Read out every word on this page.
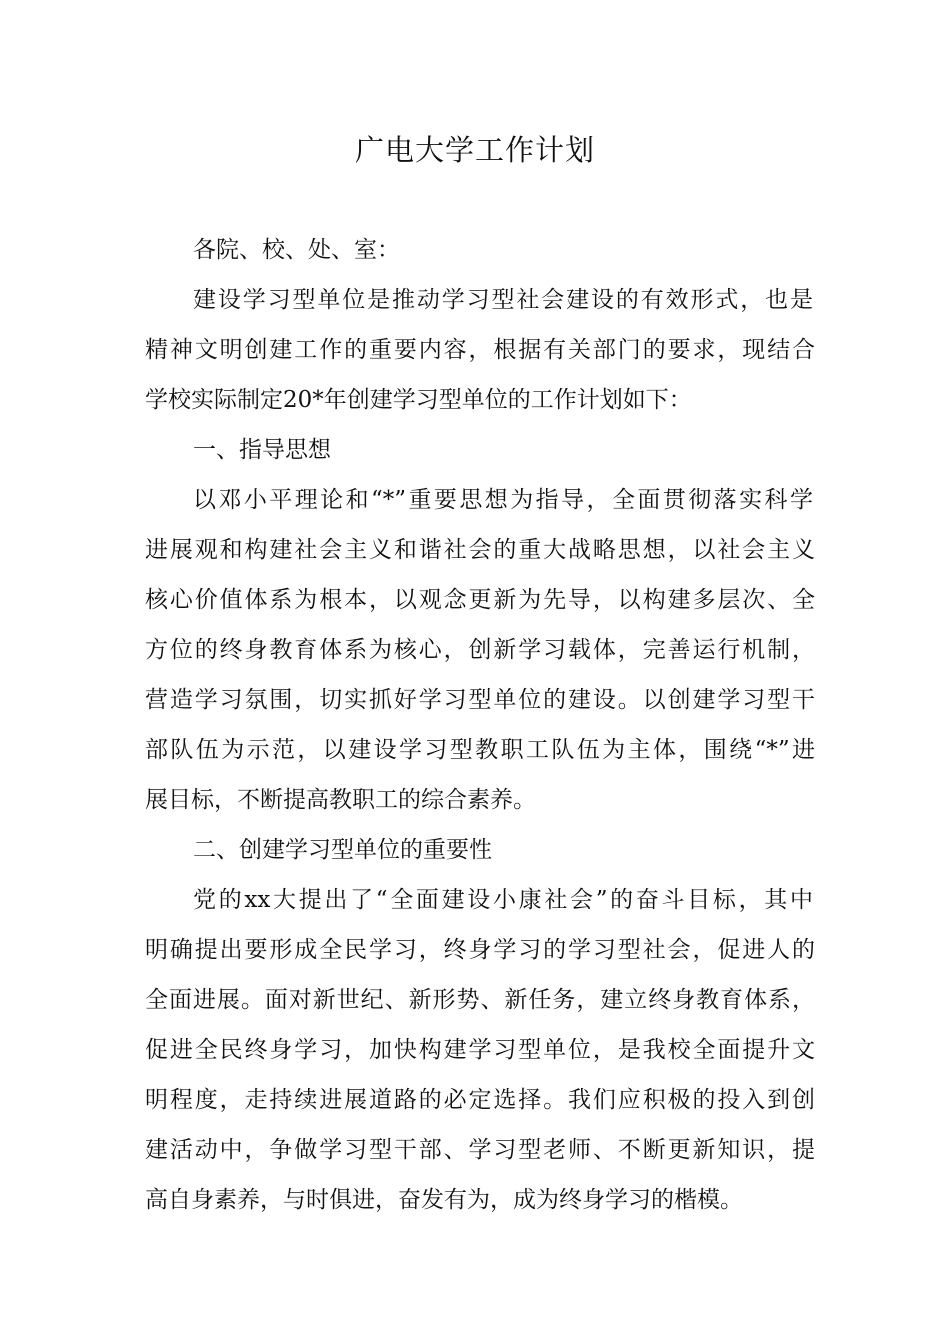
广电大学工作计划
各院、校、处、室：
建设学习型单位是推动学习型社会建设的有效形式，也是
精神文明创建工作的重要内容，根据有关部门的要求，现结合
学校实际制定20*年创建学习型单位的工作计划如下：
一、指导思想
以邓小平理论和“*”重要思想为指导，全面贯彻落实科学
进展观和构建社会主义和谐社会的重大战略思想，以社会主义
核心价值体系为根本，以观念更新为先导，以构建多层次、全
方位的终身教育体系为核心，创新学习载体，完善运行机制，
营造学习氛围，切实抓好学习型单位的建设。以创建学习型干
部队伍为示范，以建设学习型教职工队伍为主体，围绕“*”进
展目标，不断提高教职工的综合素养。
二、创建学习型单位的重要性
党的xx大提出了“全面建设小康社会”的奋斗目标，其中
明确提出要形成全民学习，终身学习的学习型社会，促进人的
全面进展。面对新世纪、新形势、新任务，建立终身教育体系，
促进全民终身学习，加快构建学习型单位，是我校全面提升文
明程度，走持续进展道路的必定选择。我们应积极的投入到创
建活动中，争做学习型干部、学习型老师、不断更新知识，提
高自身素养，与时俱进，奋发有为，成为终身学习的楷模。
